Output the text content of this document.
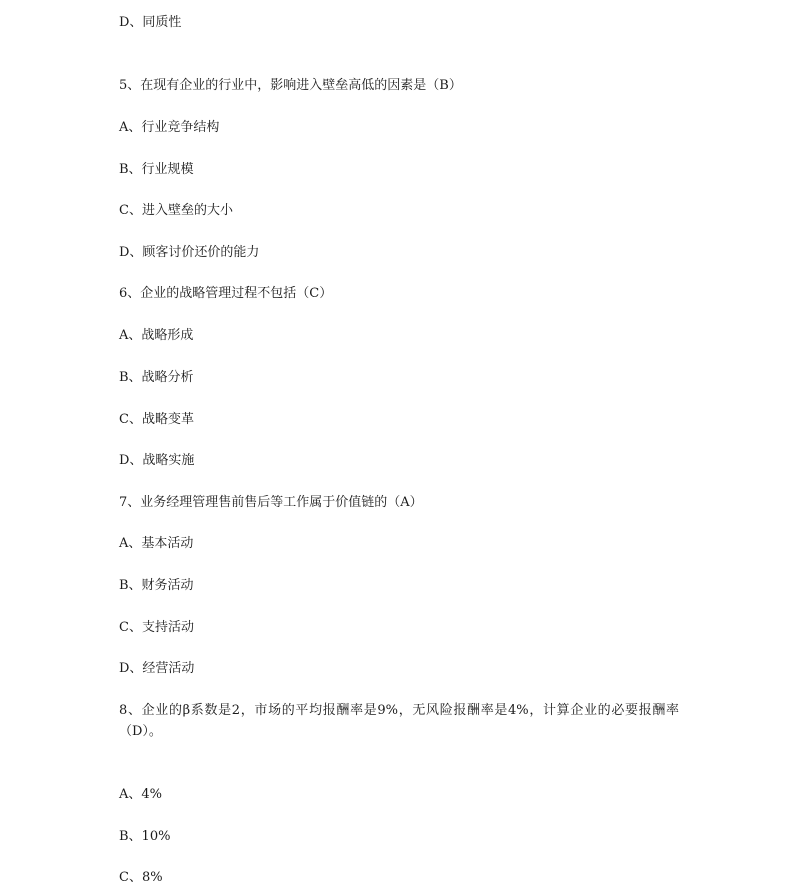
D、同质性
5、在现有企业的行业中，影响进入壁垒高低的因素是（B）
A、行业竞争结构
B、行业规模
C、进入壁垒的大小
D、顾客讨价还价的能力
6、企业的战略管理过程不包括（C）
A、战略形成
B、战略分析
C、战略变革
D、战略实施
7、业务经理管理售前售后等工作属于价值链的（A）
A、基本活动
B、财务活动
C、支持活动
D、经营活动
8、企业的β系数是2，市场的平均报酬率是9%，无风险报酬率是4%，计算企业的必要报酬率（D）。
A、4%
B、10%
C、8%
